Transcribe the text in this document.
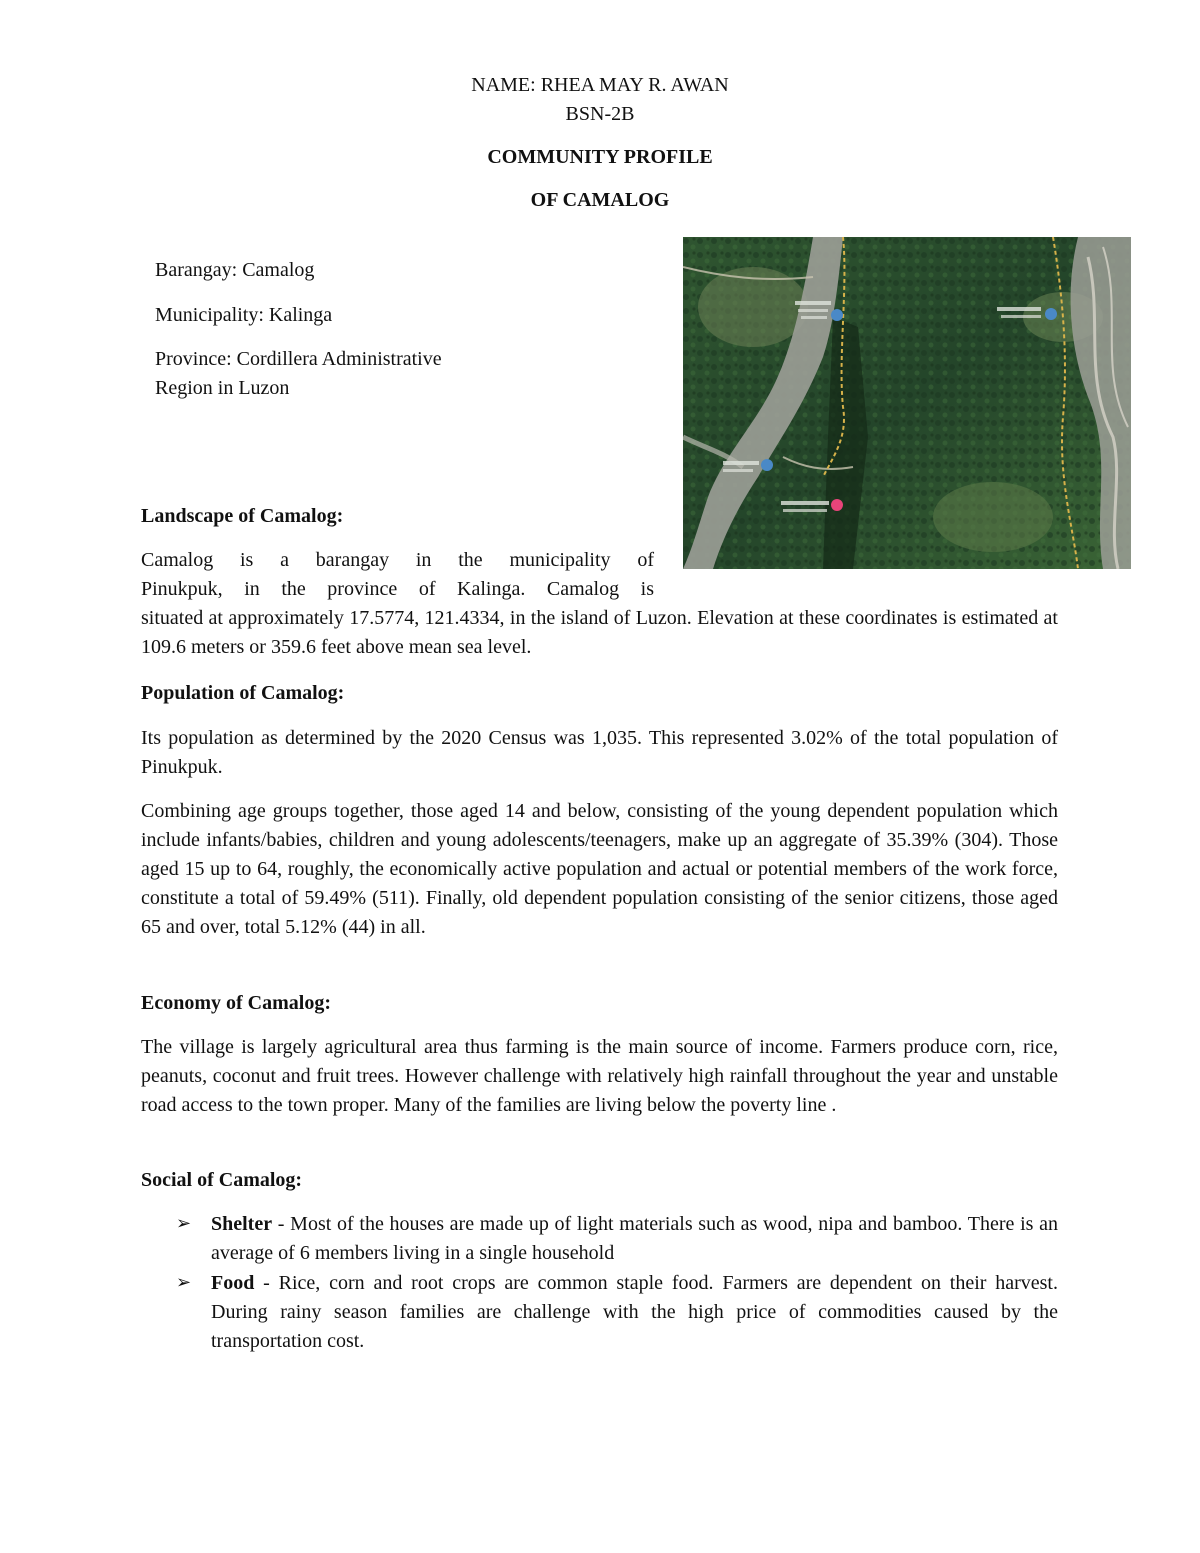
NAME: RHEA MAY R. AWAN
BSN-2B
COMMUNITY PROFILE
OF CAMALOG
Barangay: Camalog
Municipality: Kalinga
Province: Cordillera Administrative
Region in Luzon
Landscape of Camalog:
Camalog is a barangay in the municipality of
Pinukpuk, in the province of Kalinga. Camalog is

situated at approximately 17.5774, 121.4334, in the island of Luzon. Elevation at these coordinates is estimated at 109.6 meters or 359.6 feet above mean sea level.

Population of Camalog:

Its population as determined by the 2020 Census was 1,035. This represented 3.02% of the total population of Pinukpuk.

Combining age groups together, those aged 14 and below, consisting of the young dependent population which include infants/babies, children and young adolescents/teenagers, make up an aggregate of 35.39% (304). Those aged 15 up to 64, roughly, the economically active population and actual or potential members of the work force, constitute a total of 59.49% (511). Finally, old dependent population consisting of the senior citizens, those aged 65 and over, total 5.12% (44) in all.

Economy of Camalog:

The village is largely agricultural area thus farming is the main source of income. Farmers produce corn, rice, peanuts, coconut and fruit trees. However challenge with relatively high rainfall throughout the year and unstable road access to the town proper. Many of the families are living below the poverty line .

Social of Camalog:
➢ Shelter - Most of the houses are made up of light materials such as wood, nipa and bamboo. There is an average of 6 members living in a single household

➢ Food - Rice, corn and root crops are common staple food. Farmers are dependent on their harvest. During rainy season families are challenge with the high price of commodities caused by the transportation cost.
